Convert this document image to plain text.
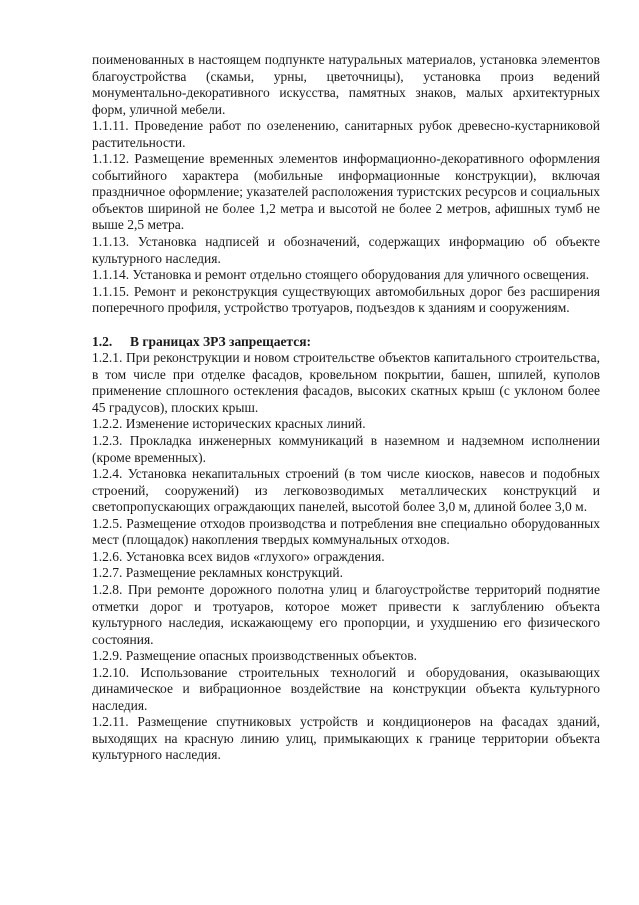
поименованных в настоящем подпункте натуральных материалов, установка элементов благоустройства (скамьи, урны, цветочницы), установка произ ведений монументально-декоративного искусства, памятных знаков, малых архитектурных форм, уличной мебели.

1.1.11. Проведение работ по озеленению, санитарных рубок древесно-кустарниковой растительности.

1.1.12. Размещение временных элементов информационно-декоративного оформления событийного характера (мобильные информационные конструкции), включая праздничное оформление; указателей расположения туристских ресурсов и социальных объектов шириной не более 1,2 метра и высотой не более 2 метров, афишных тумб не выше 2,5 метра.

1.1.13. Установка надписей и обозначений, содержащих информацию об объекте культурного наследия.

1.1.14. Установка и ремонт отдельно стоящего оборудования для уличного освещения.

1.1.15. Ремонт и реконструкция существующих автомобильных дорог без расширения поперечного профиля, устройство тротуаров, подъездов к зданиям и сооружениям.

1.2. В границах ЗРЗ запрещается:

1.2.1. При реконструкции и новом строительстве объектов капитального строительства, в том числе при отделке фасадов, кровельном покрытии, башен, шпилей, куполов применение сплошного остекления фасадов, высоких скатных крыш (с уклоном более 45 градусов), плоских крыш.

1.2.2. Изменение исторических красных линий.

1.2.3. Прокладка инженерных коммуникаций в наземном и надземном исполнении (кроме временных).

1.2.4. Установка некапитальных строений (в том числе киосков, навесов и подобных строений, сооружений) из легковозводимых металлических конструкций и светопропускающих ограждающих панелей, высотой более 3,0 м, длиной более 3,0 м.

1.2.5. Размещение отходов производства и потребления вне специально оборудованных мест (площадок) накопления твердых коммунальных отходов.

1.2.6. Установка всех видов «глухого» ограждения.

1.2.7. Размещение рекламных конструкций.

1.2.8. При ремонте дорожного полотна улиц и благоустройстве территорий поднятие отметки дорог и тротуаров, которое может привести к заглублению объекта культурного наследия, искажающему его пропорции, и ухудшению его физического состояния.

1.2.9. Размещение опасных производственных объектов.

1.2.10. Использование строительных технологий и оборудования, оказывающих динамическое и вибрационное воздействие на конструкции объекта культурного наследия.

1.2.11. Размещение спутниковых устройств и кондиционеров на фасадах зданий, выходящих на красную линию улиц, примыкающих к границе территории объекта культурного наследия.
